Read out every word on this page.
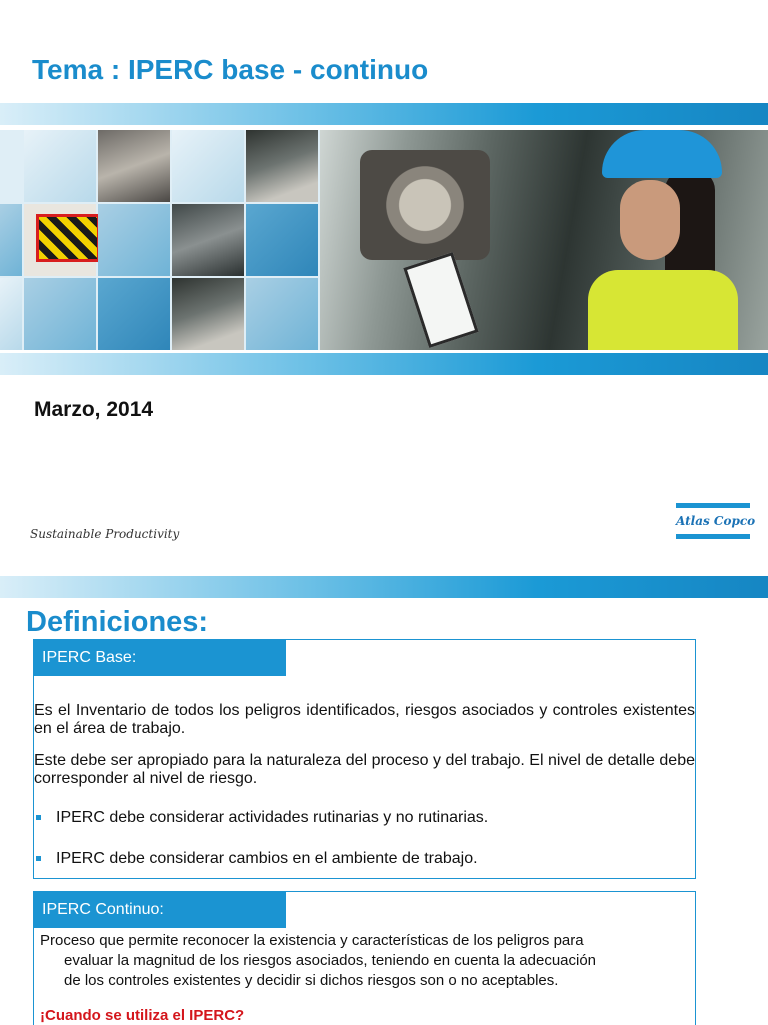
Tema : IPERC base - continuo
Marzo, 2014
Sustainable Productivity
Atlas Copco
Definiciones:
IPERC Base:
Es el Inventario de todos los peligros identificados, riesgos asociados y controles existentes en el área de trabajo.
Este debe ser apropiado para la naturaleza del proceso y del trabajo. El nivel de detalle debe corresponder al nivel de riesgo.
IPERC debe considerar actividades rutinarias y no rutinarias.
IPERC debe considerar cambios en el ambiente de trabajo.
IPERC Continuo:
Proceso que permite reconocer la existencia y características de los peligros para
evaluar la magnitud de los riesgos asociados, teniendo en cuenta la adecuación
de los controles existentes y decidir si dichos riesgos son o no aceptables.
¡Cuando se utiliza el IPERC?
